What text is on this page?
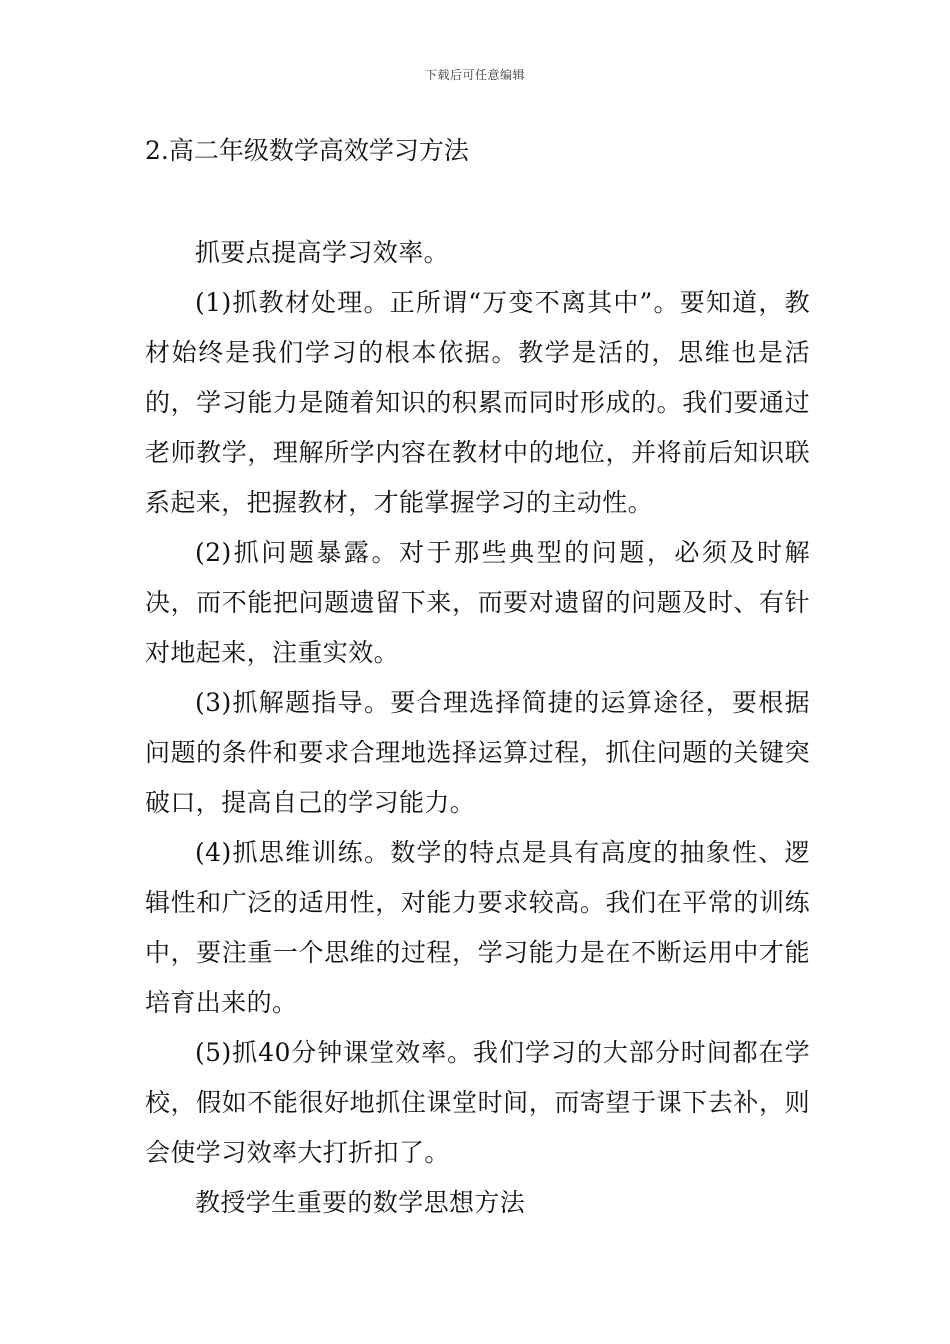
下载后可任意编辑
2.高二年级数学高效学习方法

抓要点提高学习效率。

(1)抓教材处理。正所谓“万变不离其中”。要知道，教材始终是我们学习的根本依据。教学是活的，思维也是活的，学习能力是随着知识的积累而同时形成的。我们要通过老师教学，理解所学内容在教材中的地位，并将前后知识联系起来，把握教材，才能掌握学习的主动性。

(2)抓问题暴露。对于那些典型的问题，必须及时解决，而不能把问题遗留下来，而要对遗留的问题及时、有针对地起来，注重实效。

(3)抓解题指导。要合理选择简捷的运算途径，要根据问题的条件和要求合理地选择运算过程，抓住问题的关键突破口，提高自己的学习能力。

(4)抓思维训练。数学的特点是具有高度的抽象性、逻辑性和广泛的适用性，对能力要求较高。我们在平常的训练中，要注重一个思维的过程，学习能力是在不断运用中才能培育出来的。

(5)抓40分钟课堂效率。我们学习的大部分时间都在学校，假如不能很好地抓住课堂时间，而寄望于课下去补，则会使学习效率大打折扣了。

教授学生重要的数学思想方法
